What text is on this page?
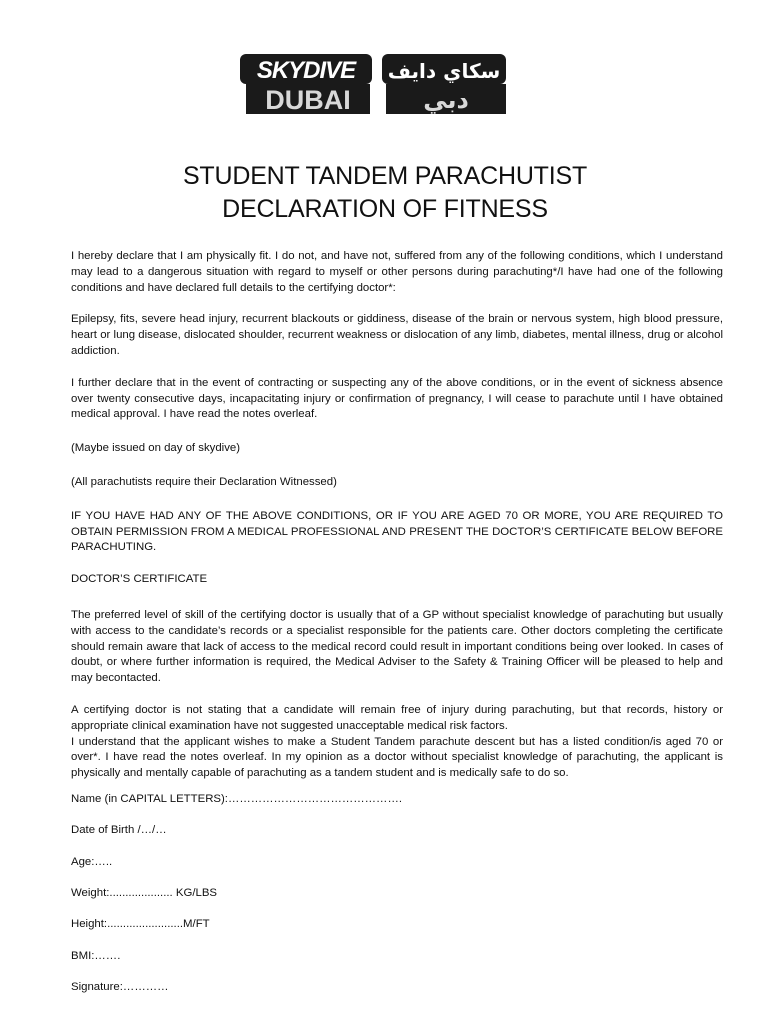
SKYDIVE
DUBAI
سكاي دايف
دبي
STUDENT TANDEM PARACHUTIST
DECLARATION OF FITNESS

I hereby declare that I am physically fit. I do not, and have not, suffered from any of the following conditions, which I understand may lead to a dangerous situation with regard to myself or other persons during parachuting*/I have had one of the following conditions and have declared full details to the certifying doctor*:

Epilepsy, fits, severe head injury, recurrent blackouts or giddiness, disease of the brain or nervous system, high blood pressure, heart or lung disease, dislocated shoulder, recurrent weakness or dislocation of any limb, diabetes, mental illness, drug or alcohol addiction.

I further declare that in the event of contracting or suspecting any of the above conditions, or in the event of sickness absence over twenty consecutive days, incapacitating injury or confirmation of pregnancy, I will cease to parachute until I have obtained medical approval. I have read the notes overleaf.

(Maybe issued on day of skydive)

(All parachutists require their Declaration Witnessed)

IF YOU HAVE HAD ANY OF THE ABOVE CONDITIONS, OR IF YOU ARE AGED 70 OR MORE, YOU ARE REQUIRED TO OBTAIN PERMISSION FROM A MEDICAL PROFESSIONAL AND PRESENT THE DOCTOR’S CERTIFICATE BELOW BEFORE PARACHUTING.

DOCTOR’S CERTIFICATE

The preferred level of skill of the certifying doctor is usually that of a GP without specialist knowledge of parachuting but usually with access to the candidate’s records or a specialist responsible for the patients care. Other doctors completing the certificate should remain aware that lack of access to the medical record could result in important conditions being over looked. In cases of doubt, or where further information is required, the Medical Adviser to the Safety & Training Officer will be pleased to help and may becontacted.

A certifying doctor is not stating that a candidate will remain free of injury during parachuting, but that records, history or appropriate clinical examination have not suggested unacceptable medical risk factors.

I understand that the applicant wishes to make a Student Tandem parachute descent but has a listed condition/is aged 70 or over*. I have read the notes overleaf. In my opinion as a doctor without specialist knowledge of parachuting, the applicant is physically and mentally capable of parachuting as a tandem student and is medically safe to do so.

Name (in CAPITAL LETTERS):……………………………………….
Date of Birth /…/…
Age:…..
Weight:.................... KG/LBS
Height:........................M/FT
BMI:…….
Signature:…………
